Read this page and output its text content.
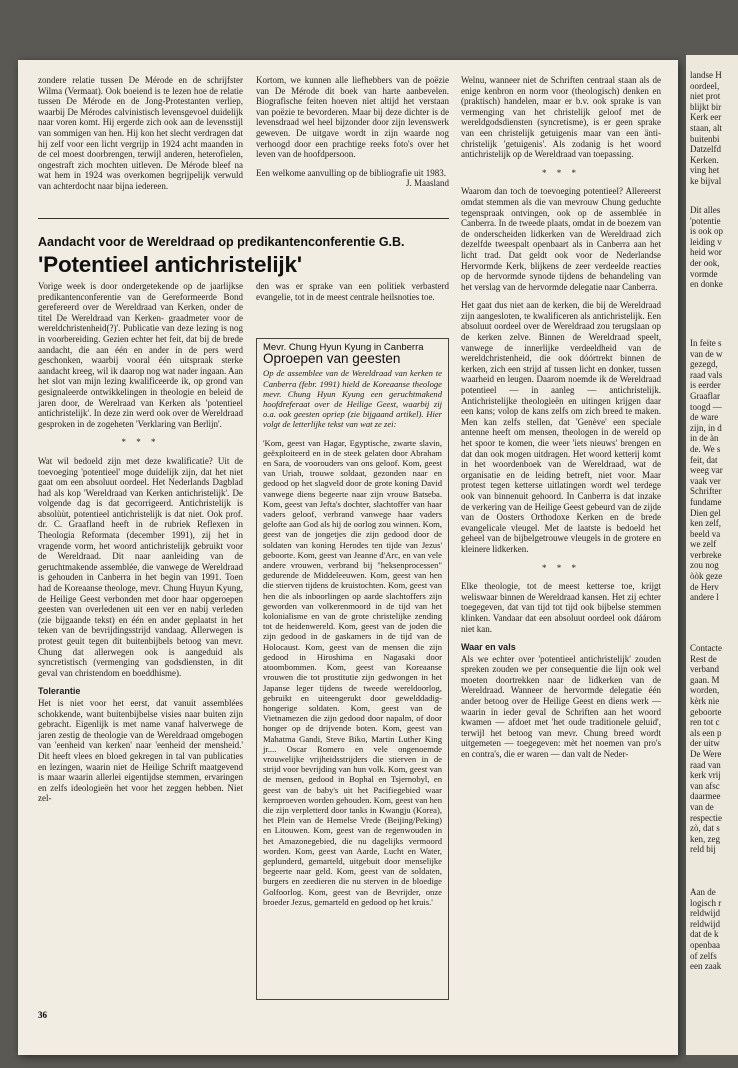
zondere relatie tussen De Mérode en de schrijfster Wilma (Vermaat). Ook boeiend is te lezen hoe de relatie tussen De Mérode en de Jong-Protestanten verliep, waarbij De Mérodes calvinistisch levensgevoel duidelijk naar voren komt. Hij ergerde zich ook aan de levensstijl van sommigen van hen. Hij kon het slecht verdragen dat hij zelf voor een licht vergrijp in 1924 acht maanden in de cel moest doorbrengen, terwijl anderen, heterofielen, ongestraft zich mochten uitleven. De Mérode bleef na wat hem in 1924 was overkomen begrijpelijk verwuld van achterdocht naar bijna iedereen.

Kortom, we kunnen alle liefhebbers van de poëzie van De Mérode dit boek van harte aanbevelen. Biografische feiten hoeven niet altijd het verstaan van poëzie te bevorderen. Maar bij deze dichter is de levensdraad wel heel bijzonder door zijn levenswerk geweven. De uitgave wordt in zijn waarde nog verhoogd door een prachtige reeks foto's over het leven van de hoofdpersoon.

Een welkome aanvulling op de bibliografie uit 1983.

J. Maasland
Aandacht voor de Wereldraad op predikantenconferentie G.B.
'Potentieel antichristelijk'

Vorige week is door ondergetekende op de jaarlijkse predikantenconferentie van de Gereformeerde Bond gerefereerd over de Wereldraad van Kerken, onder de titel De Wereldraad van Kerken- graadmeter voor de wereldchristenheid(?)'. Publicatie van deze lezing is nog in voorbereiding. Gezien echter het feit, dat bij de brede aandacht, die aan één en ander in de pers werd geschonken, waarbij vooral één uitspraak sterke aandacht kreeg, wil ik daarop nog wat nader ingaan. Aan het slot van mijn lezing kwalificeerde ik, op grond van gesignaleerde ontwikkelingen in theologie en beleid de jaren door, de Werelraad van Kerken als 'potentieel antichristelijk'. In deze zin werd ook over de Wereldraad gesproken in de zogeheten 'Verklaring van Berlijn'.

* * *

Wat wil bedoeld zijn met deze kwalificatie? Uit de toevoeging 'potentieel' moge duidelijk zijn, dat het niet gaat om een absoluut oordeel. Het Nederlands Dagblad had als kop 'Wereldraad van Kerken antichristelijk'. De volgende dag is dat gecorrigeerd. Antichristelijk is absolùùt, potentieel antichristelijk is dat niet. Ook prof. dr. C. Graafland heeft in de rubriek Reflexen in Theologia Reformata (december 1991), zij het in vragende vorm, het woord antichristelijk gebruikt voor de Wereldraad. Dit naar aanleiding van de geruchtmakende assemblée, die vanwege de Wereldraad is gehouden in Canberra in het begin van 1991. Toen had de Koreaanse theologe, mevr. Chung Huyun Kyung, de Heilige Geest verbonden met door haar opgeroepen geesten van overledenen uit een ver en nabij verleden (zie bijgaande tekst) en één en ander geplaatst in het teken van de bevrijdingsstrijd vandaag. Allerwegen is protest geuit tegen dit buitenbijbels betoog van mevr. Chung dat allerwegen ook is aangeduid als syncretistisch (vermenging van godsdiensten, in dit geval van christendom en boeddhisme).

Tolerantie

Het is niet voor het eerst, dat vanuit assemblées schokkende, want buitenbijbelse visies naar buiten zijn gebracht. Eigenlijk is met name vanaf halverwege de jaren zestig de theologie van de Wereldraad omgebogen van 'eenheid van kerken' naar 'eenheid der mensheid.' Dit heeft vlees en bloed gekregen in tal van publicaties en lezingen, waarin niet de Heilige Schrift maatgevend is maar waarin allerlei eigentijdse stemmen, ervaringen en zelfs ideologieën het voor het zeggen hebben. Niet zel-

den was er sprake van een politiek verbasterd evangelie, tot in de meest centrale heilsnoties toe.

Mevr. Chung Hyun Kyung in Canberra
Oproepen van geesten
Op de assemblee van de Wereldraad van kerken te Canberra (febr. 1991) hield de Koreaanse theologe mevr. Chung Hyun Kyung een geruchtmakend hoofdreferaat over de Heilige Geest, waarbij zij o.a. ook geesten opriep (zie bijgaand artikel). Hier volgt de letterlijke tekst van wat ze zei:
'Kom, geest van Hagar, Egyptische, zwarte slavin, geëxploiteerd en in de steek gelaten door Abraham en Sara, de voorouders van ons geloof. Kom, geest van Uriah, trouwe soldaat, gezonden naar en gedood op het slagveld door de grote koning David vanwege diens begeerte naar zijn vrouw Batseba. Kom, geest van Jefta's dochter, slachtoffer van haar vaders geloof, verbrand vanwege haar vaders gelofte aan God als hij de oorlog zou winnen. Kom, geest van de jongetjes die zijn gedood door de soldaten van koning Herodes ten tijde van Jezus' geboorte. Kom, geest van Jeanne d'Arc, en van vele andere vrouwen, verbrand bij "heksenprocessen" gedurende de Middeleeuwen. Kom, geest van hen die stierven tijdens de kruistochten. Kom, geest van hen die als inboorlingen op aarde slachtoffers zijn geworden van volkerenmoord in de tijd van het kolonialisme en van de grote christelijke zending tot de heidenwereld. Kom, geest van de joden die zijn gedood in de gaskamers in de tijd van de Holocaust. Kom, geest van de mensen die zijn gedood in Hiroshima en Nagasaki door atoombommen. Kom, geest van Koreaanse vrouwen die tot prostitutie zijn gedwongen in het Japanse leger tijdens de tweede wereldoorlog, gebruikt en uiteengerukt door gewelddadig-hongerige soldaten. Kom, geest van de Vietnamezen die zijn gedood door napalm, of door honger op de drijvende boten. Kom, geest van Mahatma Gandi, Steve Biko, Martin Luther King jr.... Oscar Romero en vele ongenoemde vrouwelijke vrijheidsstrijders die stierven in de strijd voor bevrijding van hun volk. Kom, geest van de mensen, gedood in Bophal en Tsjernobyl, en geest van de baby's uit het Pacifiegebied waar kernproeven worden gehouden. Kom, geest van hen die zijn verpletterd door tanks in Kwangju (Korea), het Plein van de Hemelse Vrede (Beijing/Peking) en Litouwen. Kom, geest van de regenwouden in het Amazonegebied, die nu dagelijks vermoord worden. Kom, geest van Aarde, Lucht en Water, geplunderd, gemarteld, uitgebuit door menselijke begeerte naar geld. Kom, geest van de soldaten, burgers en zeedieren die nu sterven in de bloedige Golfoorlog. Kom, geest van de Bevrijder, onze broeder Jezus, gemarteld en gedood op het kruis.'

Welnu, wanneer niet de Schriften centraal staan als de enige kenbron en norm voor (theologisch) denken en (praktisch) handelen, maar er b.v. ook sprake is van vermenging van het christelijk geloof met de wereldgodsdiensten (syncretisme), is er geen sprake van een christelijk getuigenis maar van een änti-christelijk 'getuigenis'. Als zodanig is het woord antichristelijk op de Wereldraad van toepassing.

* * *

Waarom dan toch de toevoeging potentieel? Allereerst omdat stemmen als die van mevrouw Chung geduchte tegenspraak ontvingen, ook op de assemblée in Canberra. In de tweede plaats, omdat in de boezem van de onderscheiden lidkerken van de Wereldraad zich dezelfde tweespalt openbaart als in Canberra aan het licht trad. Dat geldt ook voor de Nederlandse Hervormde Kerk, blijkens de zeer verdeelde reacties op de hervormde synode tijdens de behandeling van het verslag van de hervormde delegatie naar Canberra.

Het gaat dus niet aan de kerken, die bij de Wereldraad zijn aangesloten, te kwalificeren als antichristelijk. Een absoluut oordeel over de Wereldraad zou terugslaan op de kerken zelve. Binnen de Wereldraad speelt, vanwege de innerlijke verdeeldheid van de wereldchristenheid, die ook dóórtrekt binnen de kerken, zich een strijd af tussen licht en donker, tussen waarheid en leugen. Daarom noemde ik de Wereldraad potentieel — in aanleg — antichristelijk. Antichristelijke theologieën en uitingen krijgen daar een kans; volop de kans zelfs om zich breed te maken. Men kan zelfs stellen, dat 'Genève' een speciale antenne heeft om mensen, theologen in de wereld op het spoor te komen, die weer 'iets nieuws' brengen en dat dan ook mogen uitdragen. Het woord ketterij komt in het woordenboek van de Wereldraad, wat de organisatie en de leiding betreft, niet voor. Maar protest tegen ketterse uitlatingen wordt wel terdege ook van binnenuit gehoord. In Canberra is dat inzake de verkering van de Heilige Geest gebeurd van de zijde van de Oosters Orthodoxe Kerken en de brede evangelicale vleugel. Met de laatste is bedoeld het geheel van de bijbelgetrouwe vleugels in de grotere en kleinere lidkerken.

* * *

Elke theologie, tot de meest ketterse toe, krijgt weliswaar binnen de Wereldraad kansen. Het zij echter toegegeven, dat van tijd tot tijd ook bijbelse stemmen klinken. Vandaar dat een absoluut oordeel ook dáárom niet kan.

Waar en vals

Als we echter over 'potentieel antichristelijk' zouden spreken zouden we per consequentie die lijn ook wel moeten doortrekken naar de lidkerken van de Wereldraad. Wanneer de hervormde delegatie één ander betoog over de Heilige Geest en diens werk — waarin in ieder geval de Schriften aan het woord kwamen — afdoet met 'het oude traditionele geluid', terwijl het betoog van mevr. Chung breed wordt uitgemeten — toegegeven: mèt het noemen van pro's en contra's, die er waren — dan valt de Neder-

36
landse H
oordeel,
niet prot
blijkt bir
Kerk eer
staan, alt
buitenbi
Datzelfd
Kerken.
ving het
ke bijval
Dit alles
'potentie
is ook op
leiding v
heid wor
der ook,
vormde
en donke
In feite s
van de w
gezegd,
raad vals
is eerder
Graaflar
toogd —
de ware
zijn, in d
in de àn
de. We s
feit, dat
weeg var
vaak ver
Schrifter
fundame
Dien gel
ken zelf,
beeld va
we zelf
verbreke
zou nog
òòk geze
de Herv
andere l
Contacte
Rest de
verband
gaan. M
worden,
kèrk nie
geboorte
ren tot c
als een p
der uitw
De Were
raad van
kerk vrij
van afsc
daarmee
van de
respectie
zò, dat s
ken, zeg
reld bij
Aan de
logisch r
reldwijd
reldwijd
dat de k
openbaa
of zelfs
een zaak
